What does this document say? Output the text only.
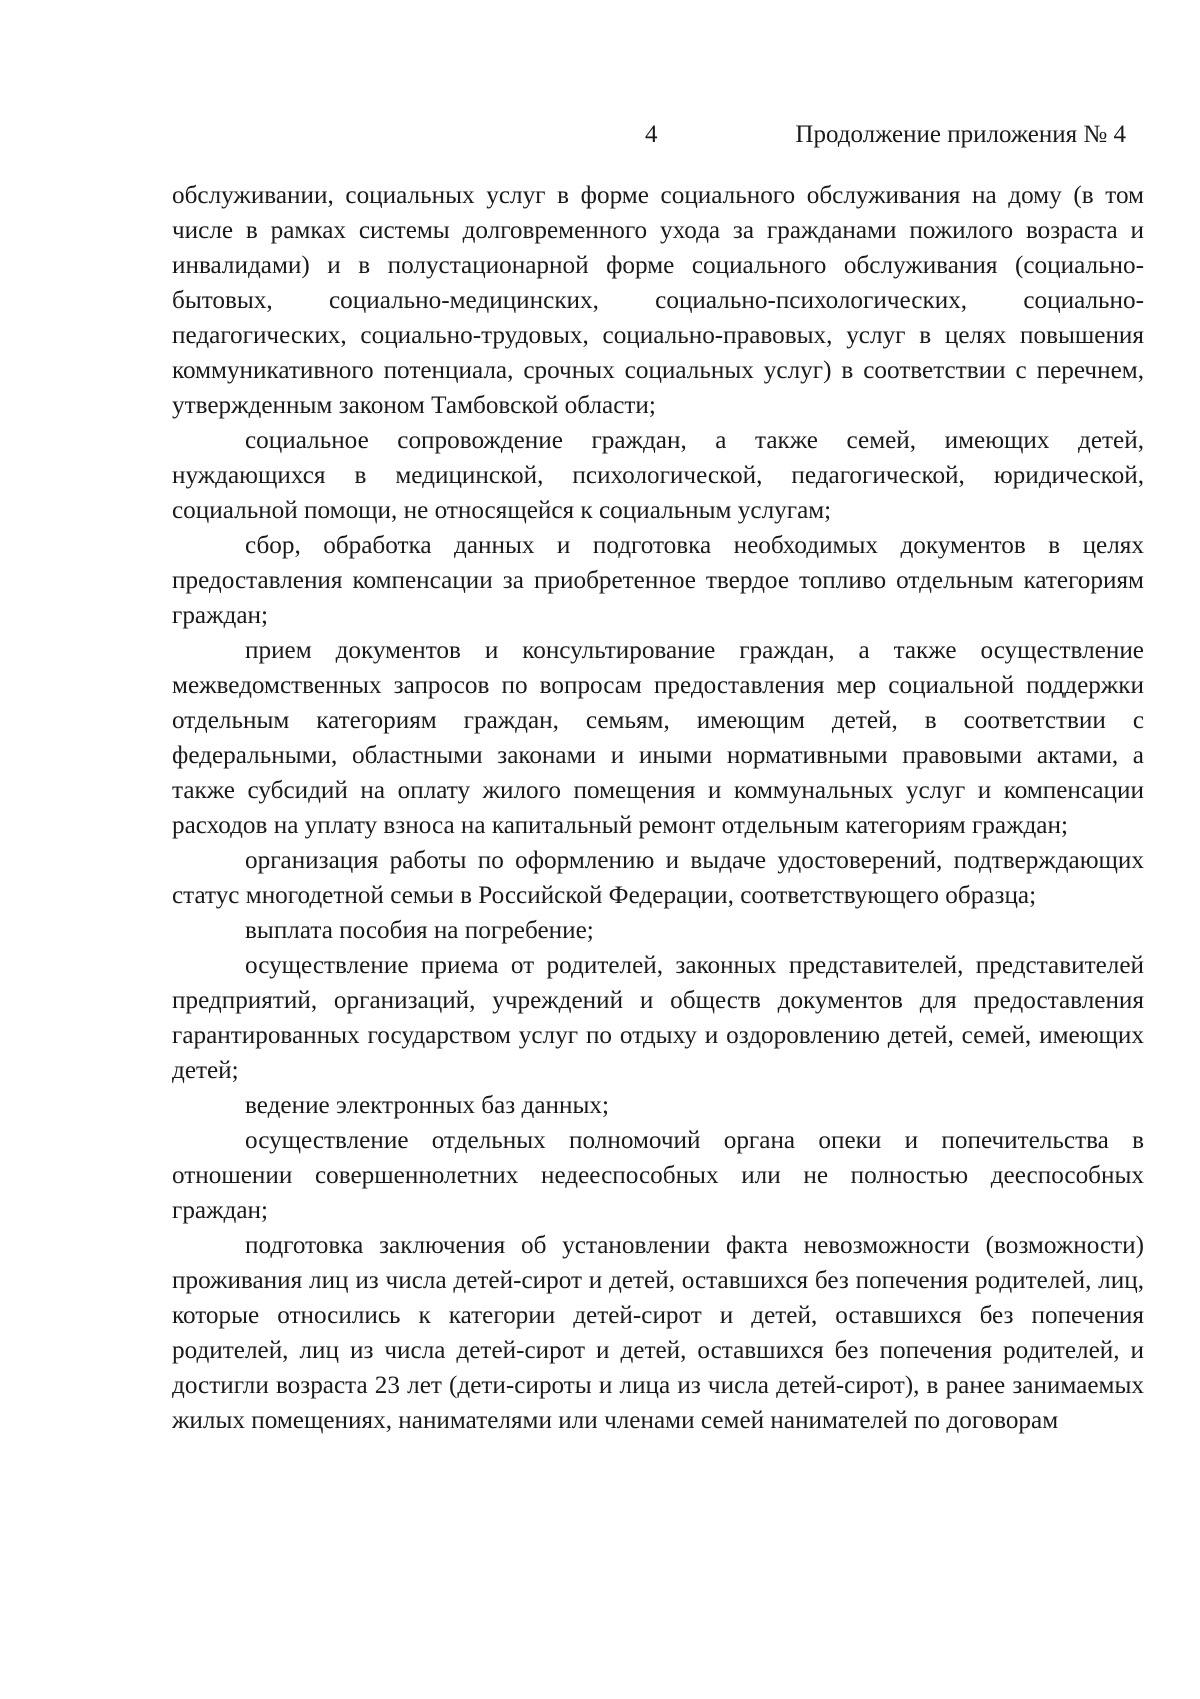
4	Продолжение приложения № 4

обслуживании, социальных услуг в форме социального обслуживания на дому (в том числе в рамках системы долговременного ухода за гражданами пожилого возраста и инвалидами) и в полустационарной форме социального обслуживания (социально-бытовых, социально-медицинских, социально-психологических, социально-педагогических, социально-трудовых, социально-правовых, услуг в целях повышения коммуникативного потенциала, срочных социальных услуг) в соответствии с перечнем, утвержденным законом Тамбовской области;

социальное сопровождение граждан, а также семей, имеющих детей, нуждающихся в медицинской, психологической, педагогической, юридической, социальной помощи, не относящейся к социальным услугам;

сбор, обработка данных и подготовка необходимых документов в целях предоставления компенсации за приобретенное твердое топливо отдельным категориям граждан;

прием документов и консультирование граждан, а также осуществление межведомственных запросов по вопросам предоставления мер социальной поддержки отдельным категориям граждан, семьям, имеющим детей, в соответствии с федеральными, областными законами и иными нормативными правовыми актами, а также субсидий на оплату жилого помещения и коммунальных услуг и компенсации расходов на уплату взноса на капитальный ремонт отдельным категориям граждан;

организация работы по оформлению и выдаче удостоверений, подтверждающих статус многодетной семьи в Российской Федерации, соответствующего образца;

выплата пособия на погребение;

осуществление приема от родителей, законных представителей, представителей предприятий, организаций, учреждений и обществ документов для предоставления гарантированных государством услуг по отдыху и оздоровлению детей, семей, имеющих детей;

ведение электронных баз данных;

осуществление отдельных полномочий органа опеки и попечительства в отношении совершеннолетних недееспособных или не полностью дееспособных граждан;

подготовка заключения об установлении факта невозможности (возможности) проживания лиц из числа детей-сирот и детей, оставшихся без попечения родителей, лиц, которые относились к категории детей-сирот и детей, оставшихся без попечения родителей, лиц из числа детей-сирот и детей, оставшихся без попечения родителей, и достигли возраста 23 лет (дети-сироты и лица из числа детей-сирот), в ранее занимаемых жилых помещениях, нанимателями или членами семей нанимателей по договорам
